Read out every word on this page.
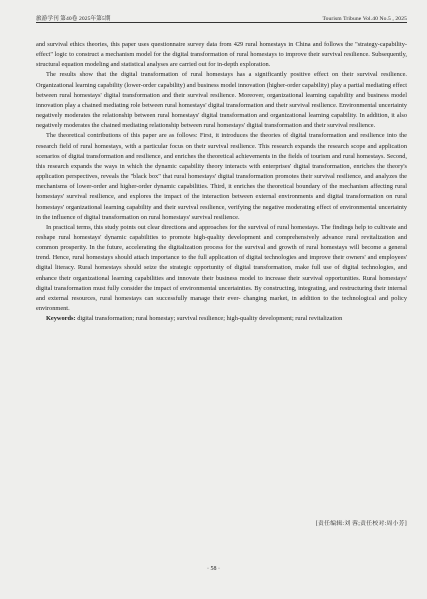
旅游学刊 第40卷 2025年第5期	Tourism Tribune Vol.40 No.5 , 2025

and survival ethics theories, this paper uses questionnaire survey data from 429 rural homestays in China and follows the "strategy-capability-effect" logic to construct a mechanism model for the digital transformation of rural homestays to improve their survival resilience. Subsequently, structural equation modeling and statistical analyses are carried out for in-depth exploration.

The results show that the digital transformation of rural homestays has a significantly positive effect on their survival resilience. Organizational learning capability (lower-order capability) and business model innovation (higher-order capability) play a partial mediating effect between rural homestays' digital transformation and their survival resilience. Moreover, organizational learning capability and business model innovation play a chained mediating role between rural homestays' digital transformation and their survival resilience. Environmental uncertainty negatively moderates the relationship between rural homestays' digital transformation and organizational learning capability. In addition, it also negatively moderates the chained mediating relationship between rural homestays' digital transformation and their survival resilience.

The theoretical contributions of this paper are as follows: First, it introduces the theories of digital transformation and resilience into the research field of rural homestays, with a particular focus on their survival resilience. This research expands the research scope and application scenarios of digital transformation and resilience, and enriches the theoretical achievements in the fields of tourism and rural homestays. Second, this research expands the ways in which the dynamic capability theory interacts with enterprises' digital transformation, enriches the theory's application perspectives, reveals the "black box" that rural homestays' digital transformation promotes their survival resilience, and analyzes the mechanisms of lower-order and higher-order dynamic capabilities. Third, it enriches the theoretical boundary of the mechanism affecting rural homestays' survival resilience, and explores the impact of the interaction between external environments and digital transformation on rural homestays' organizational learning capability and their survival resilience, verifying the negative moderating effect of environmental uncertainty in the influence of digital transformation on rural homestays' survival resilience.

In practical terms, this study points out clear directions and approaches for the survival of rural homestays. The findings help to cultivate and reshape rural homestays' dynamic capabilities to promote high-quality development and comprehensively advance rural revitalization and common prosperity. In the future, accelerating the digitalization process for the survival and growth of rural homestays will become a general trend. Hence, rural homestays should attach importance to the full application of digital technologies and improve their owners' and employees' digital literacy. Rural homestays should seize the strategic opportunity of digital transformation, make full use of digital technologies, and enhance their organizational learning capabilities and innovate their business model to increase their survival opportunities. Rural homestays' digital transformation must fully consider the impact of environmental uncertainties. By constructing, integrating, and restructuring their internal and external resources, rural homestays can successfully manage their ever- changing market, in addition to the technological and policy environment.

Keywords: digital transformation; rural homestay; survival resilience; high-quality development; rural revitalization

[责任编辑:刘 蓉;责任校对:周小芳]
· 58 ·
